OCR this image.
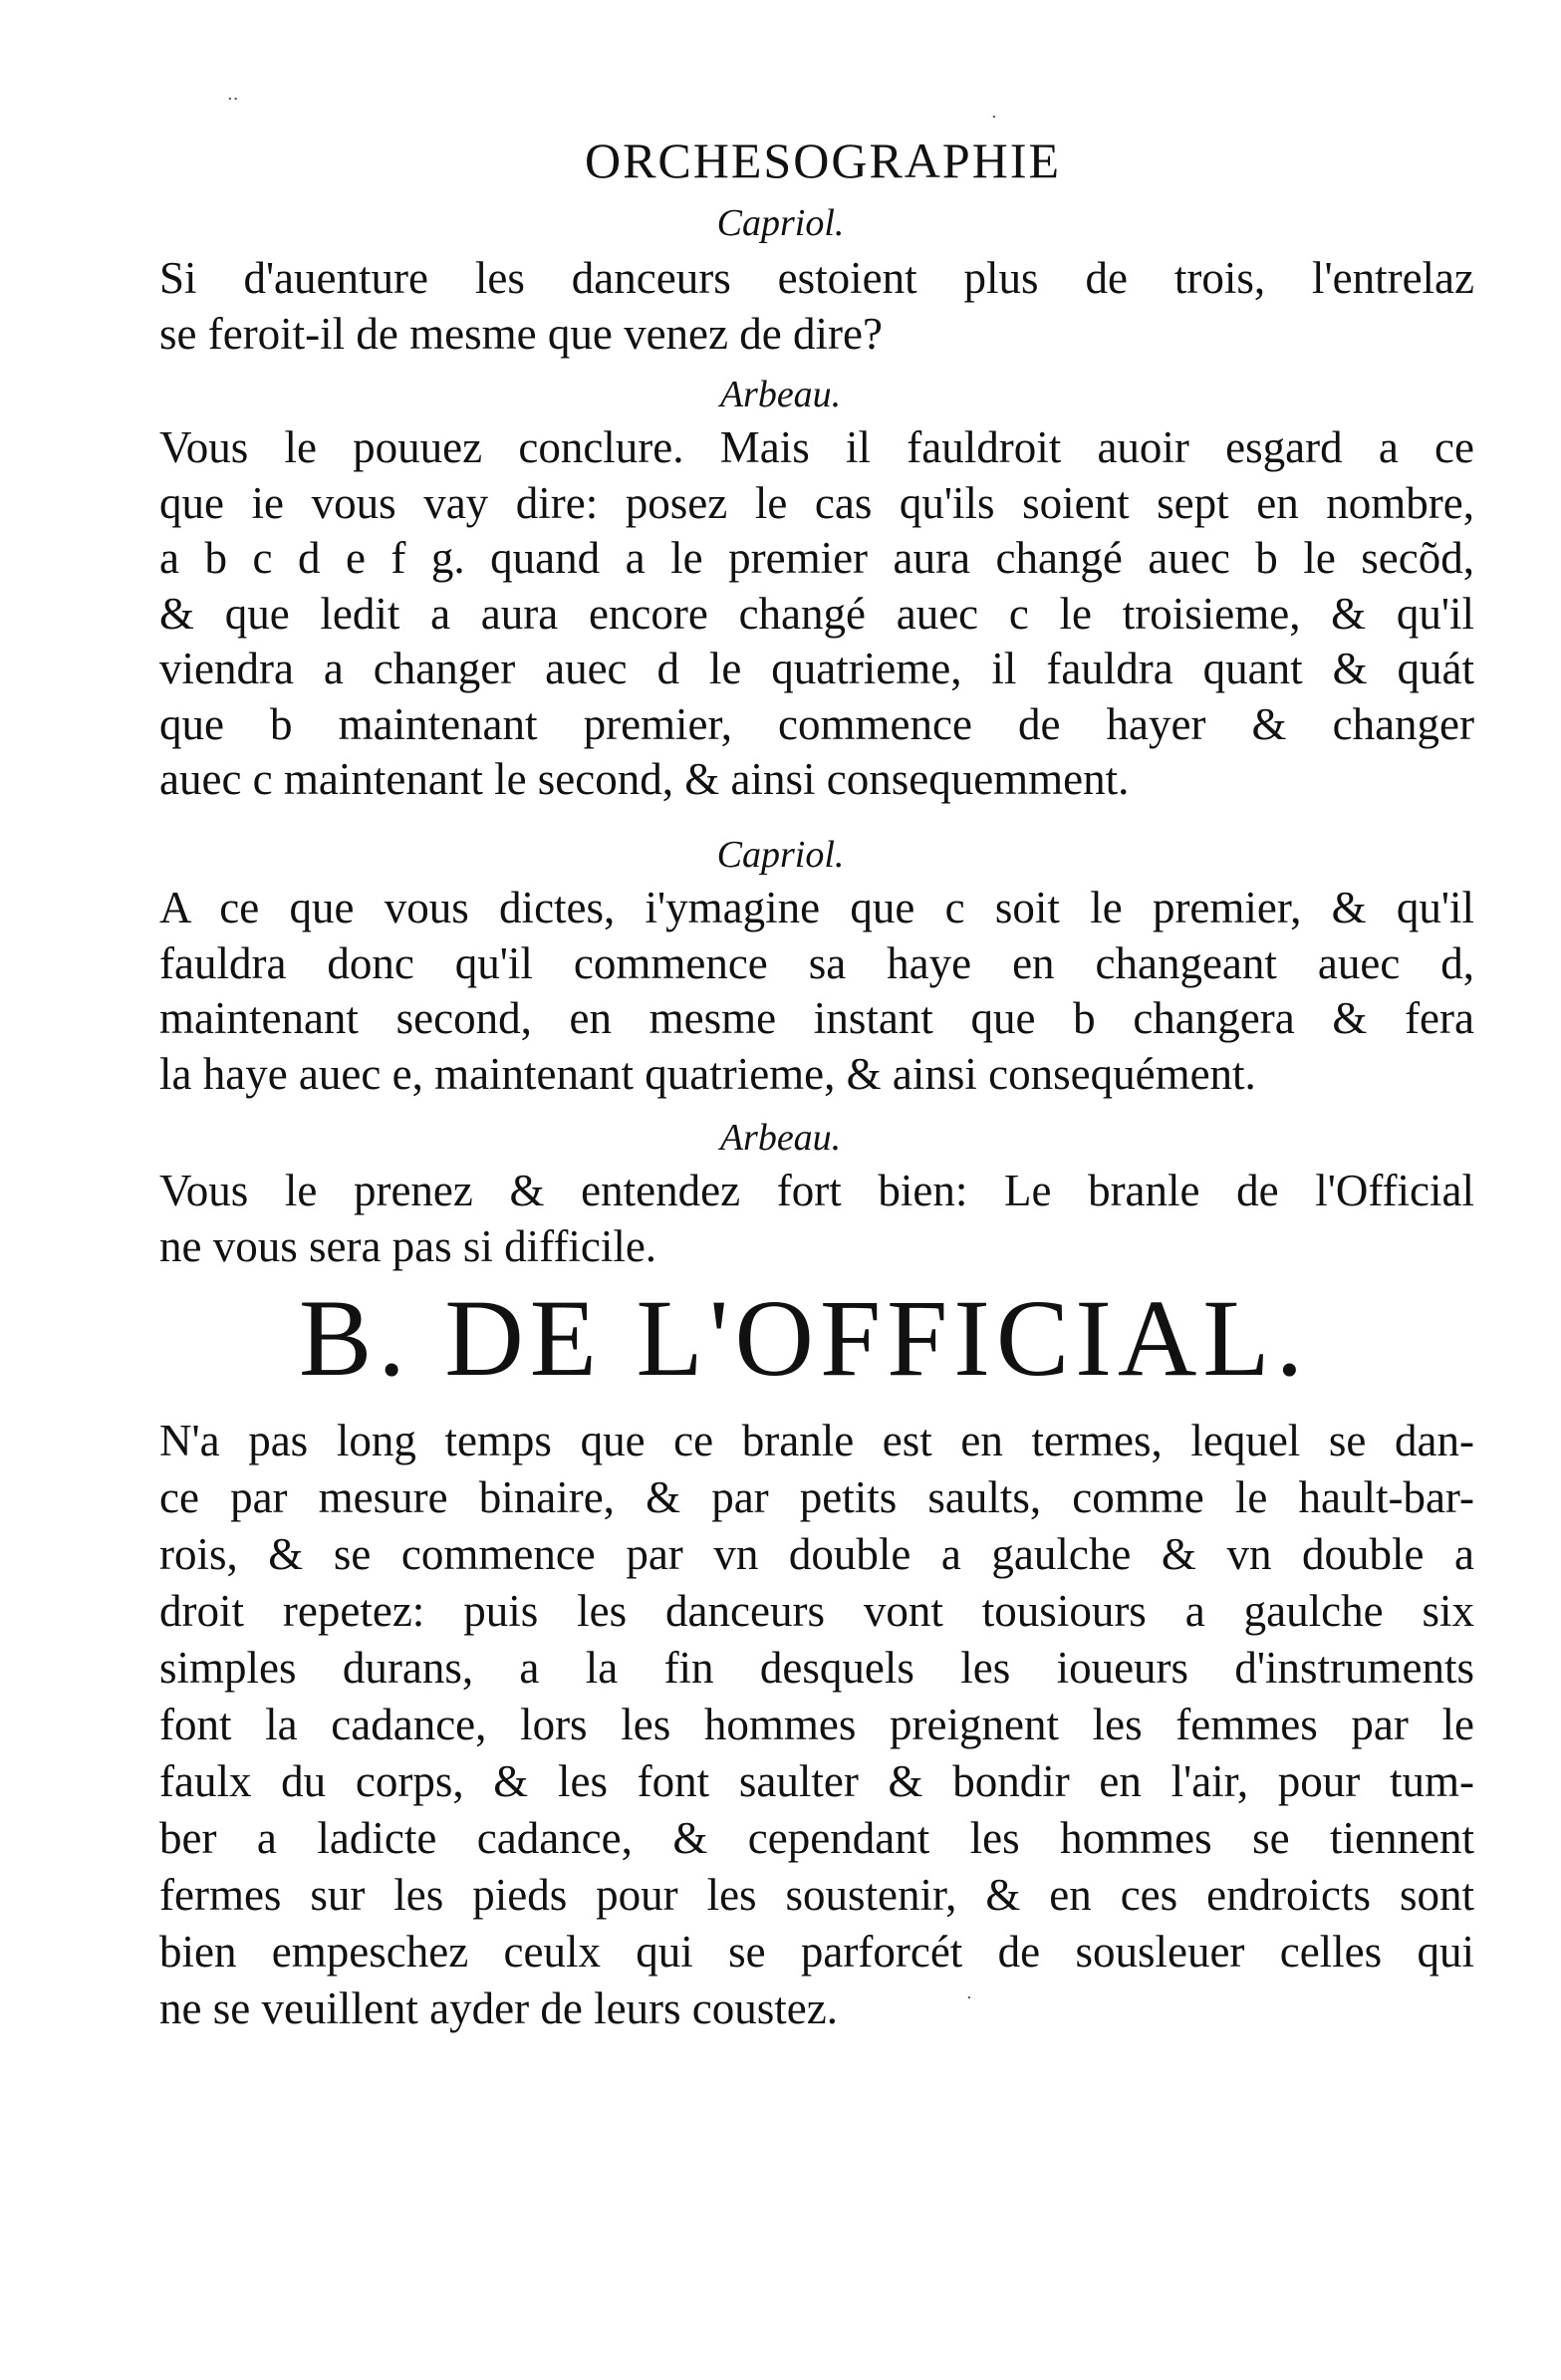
ORCHESOGRAPHIE
Capriol.
Si d'auenture les danceurs estoient plus de trois, l'entrelaz
se feroit-il de mesme que venez de dire?
Arbeau.
Vous le pouuez conclure. Mais il fauldroit auoir esgard a ce
que ie vous vay dire: posez le cas qu'ils soient sept en nombre,
a b c d e f g. quand a le premier aura changé auec b le secõd,
& que ledit a aura encore changé auec c le troisieme, & qu'il
viendra a changer auec d le quatrieme, il fauldra quant & quát
que b maintenant premier, commence de hayer & changer
auec c maintenant le second, & ainsi consequemment.
Capriol.
A ce que vous dictes, i'ymagine que c soit le premier, & qu'il
fauldra donc qu'il commence sa haye en changeant auec d,
maintenant second, en mesme instant que b changera & fera
la haye auec e, maintenant quatrieme, & ainsi consequément.
Arbeau.
Vous le prenez & entendez fort bien: Le branle de l'Official
ne vous sera pas si difficile.
B. DE L'OFFICIAL.
N'a pas long temps que ce branle est en termes, lequel se dan-
ce par mesure binaire, & par petits saults, comme le hault-bar-
rois, & se commence par vn double a gaulche & vn double a
droit repetez: puis les danceurs vont tousiours a gaulche six
simples durans, a la fin desquels les ioueurs d'instruments
font la cadance, lors les hommes preignent les femmes par le
faulx du corps, & les font saulter & bondir en l'air, pour tum-
ber a ladicte cadance, & cependant les hommes se tiennent
fermes sur les pieds pour les soustenir, & en ces endroicts sont
bien empeschez ceulx qui se parforcét de sousleuer celles qui
ne se veuillent ayder de leurs coustez.
..
.
.
